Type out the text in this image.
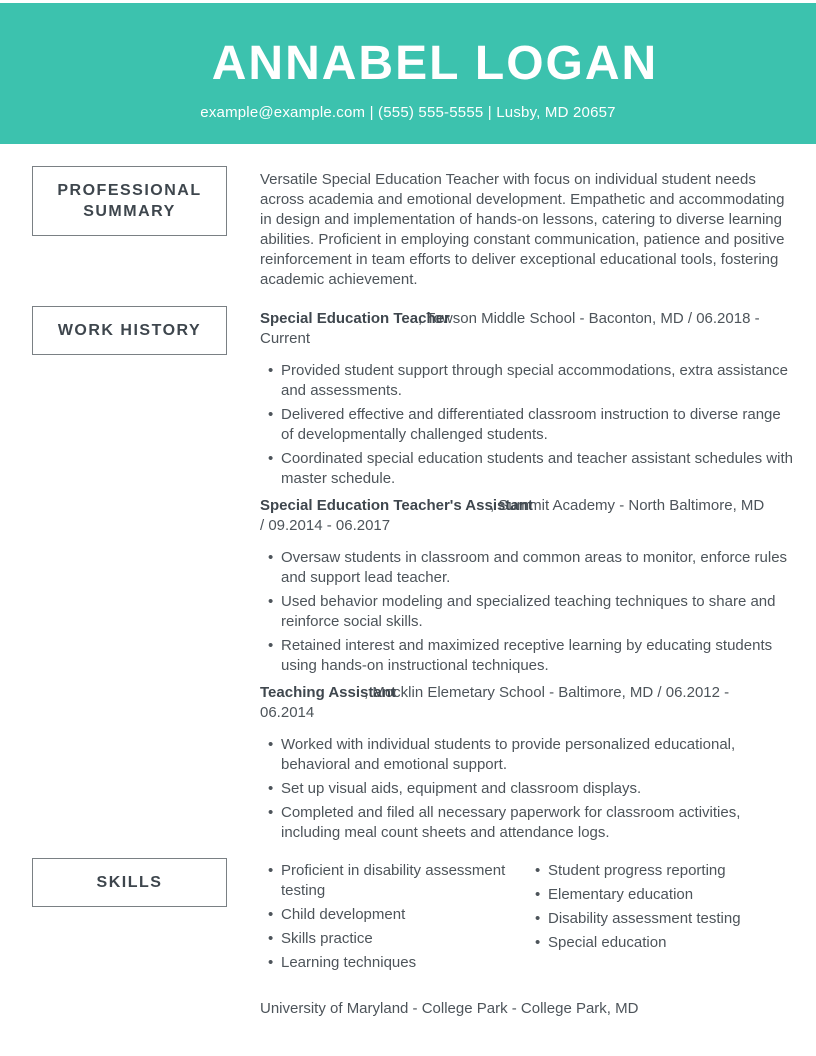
ANNABEL LOGAN
example@example.com | (555) 555-5555 | Lusby, MD 20657
PROFESSIONAL SUMMARY

Versatile Special Education Teacher with focus on individual student needs across academia and emotional development. Empathetic and accommodating in design and implementation of hands-on lessons, catering to diverse learning abilities. Proficient in employing constant communication, patience and positive reinforcement in team efforts to deliver exceptional educational tools, fostering academic achievement.

WORK HISTORY
Special Education Teacher

, Towson Middle School - Baconton, MD / 06.2018 -

Current

• Provided student support through special accommodations, extra assistance and assessments.
• Delivered effective and differentiated classroom instruction to diverse range of developmentally challenged students.
• Coordinated special education students and teacher assistant schedules with master schedule.
Special Education Teacher's Assistant

, Summit Academy - North Baltimore, MD

/ 09.2014 - 06.2017

• Oversaw students in classroom and common areas to monitor, enforce rules and support lead teacher.
• Used behavior modeling and specialized teaching techniques to share and reinforce social skills.
• Retained interest and maximized receptive learning by educating students using hands-on instructional techniques.
Teaching Assistant

, Mocklin Elemetary School - Baltimore, MD / 06.2012 -

06.2014

• Worked with individual students to provide personalized educational, behavioral and emotional support.
• Set up visual aids, equipment and classroom displays.
• Completed and filed all necessary paperwork for classroom activities, including meal count sheets and attendance logs.
SKILLS
• Proficient in disability assessment testing
• Child development
• Skills practice
• Learning techniques
• Student progress reporting
• Elementary education
• Disability assessment testing
• Special education

University of Maryland - College Park - College Park, MD
